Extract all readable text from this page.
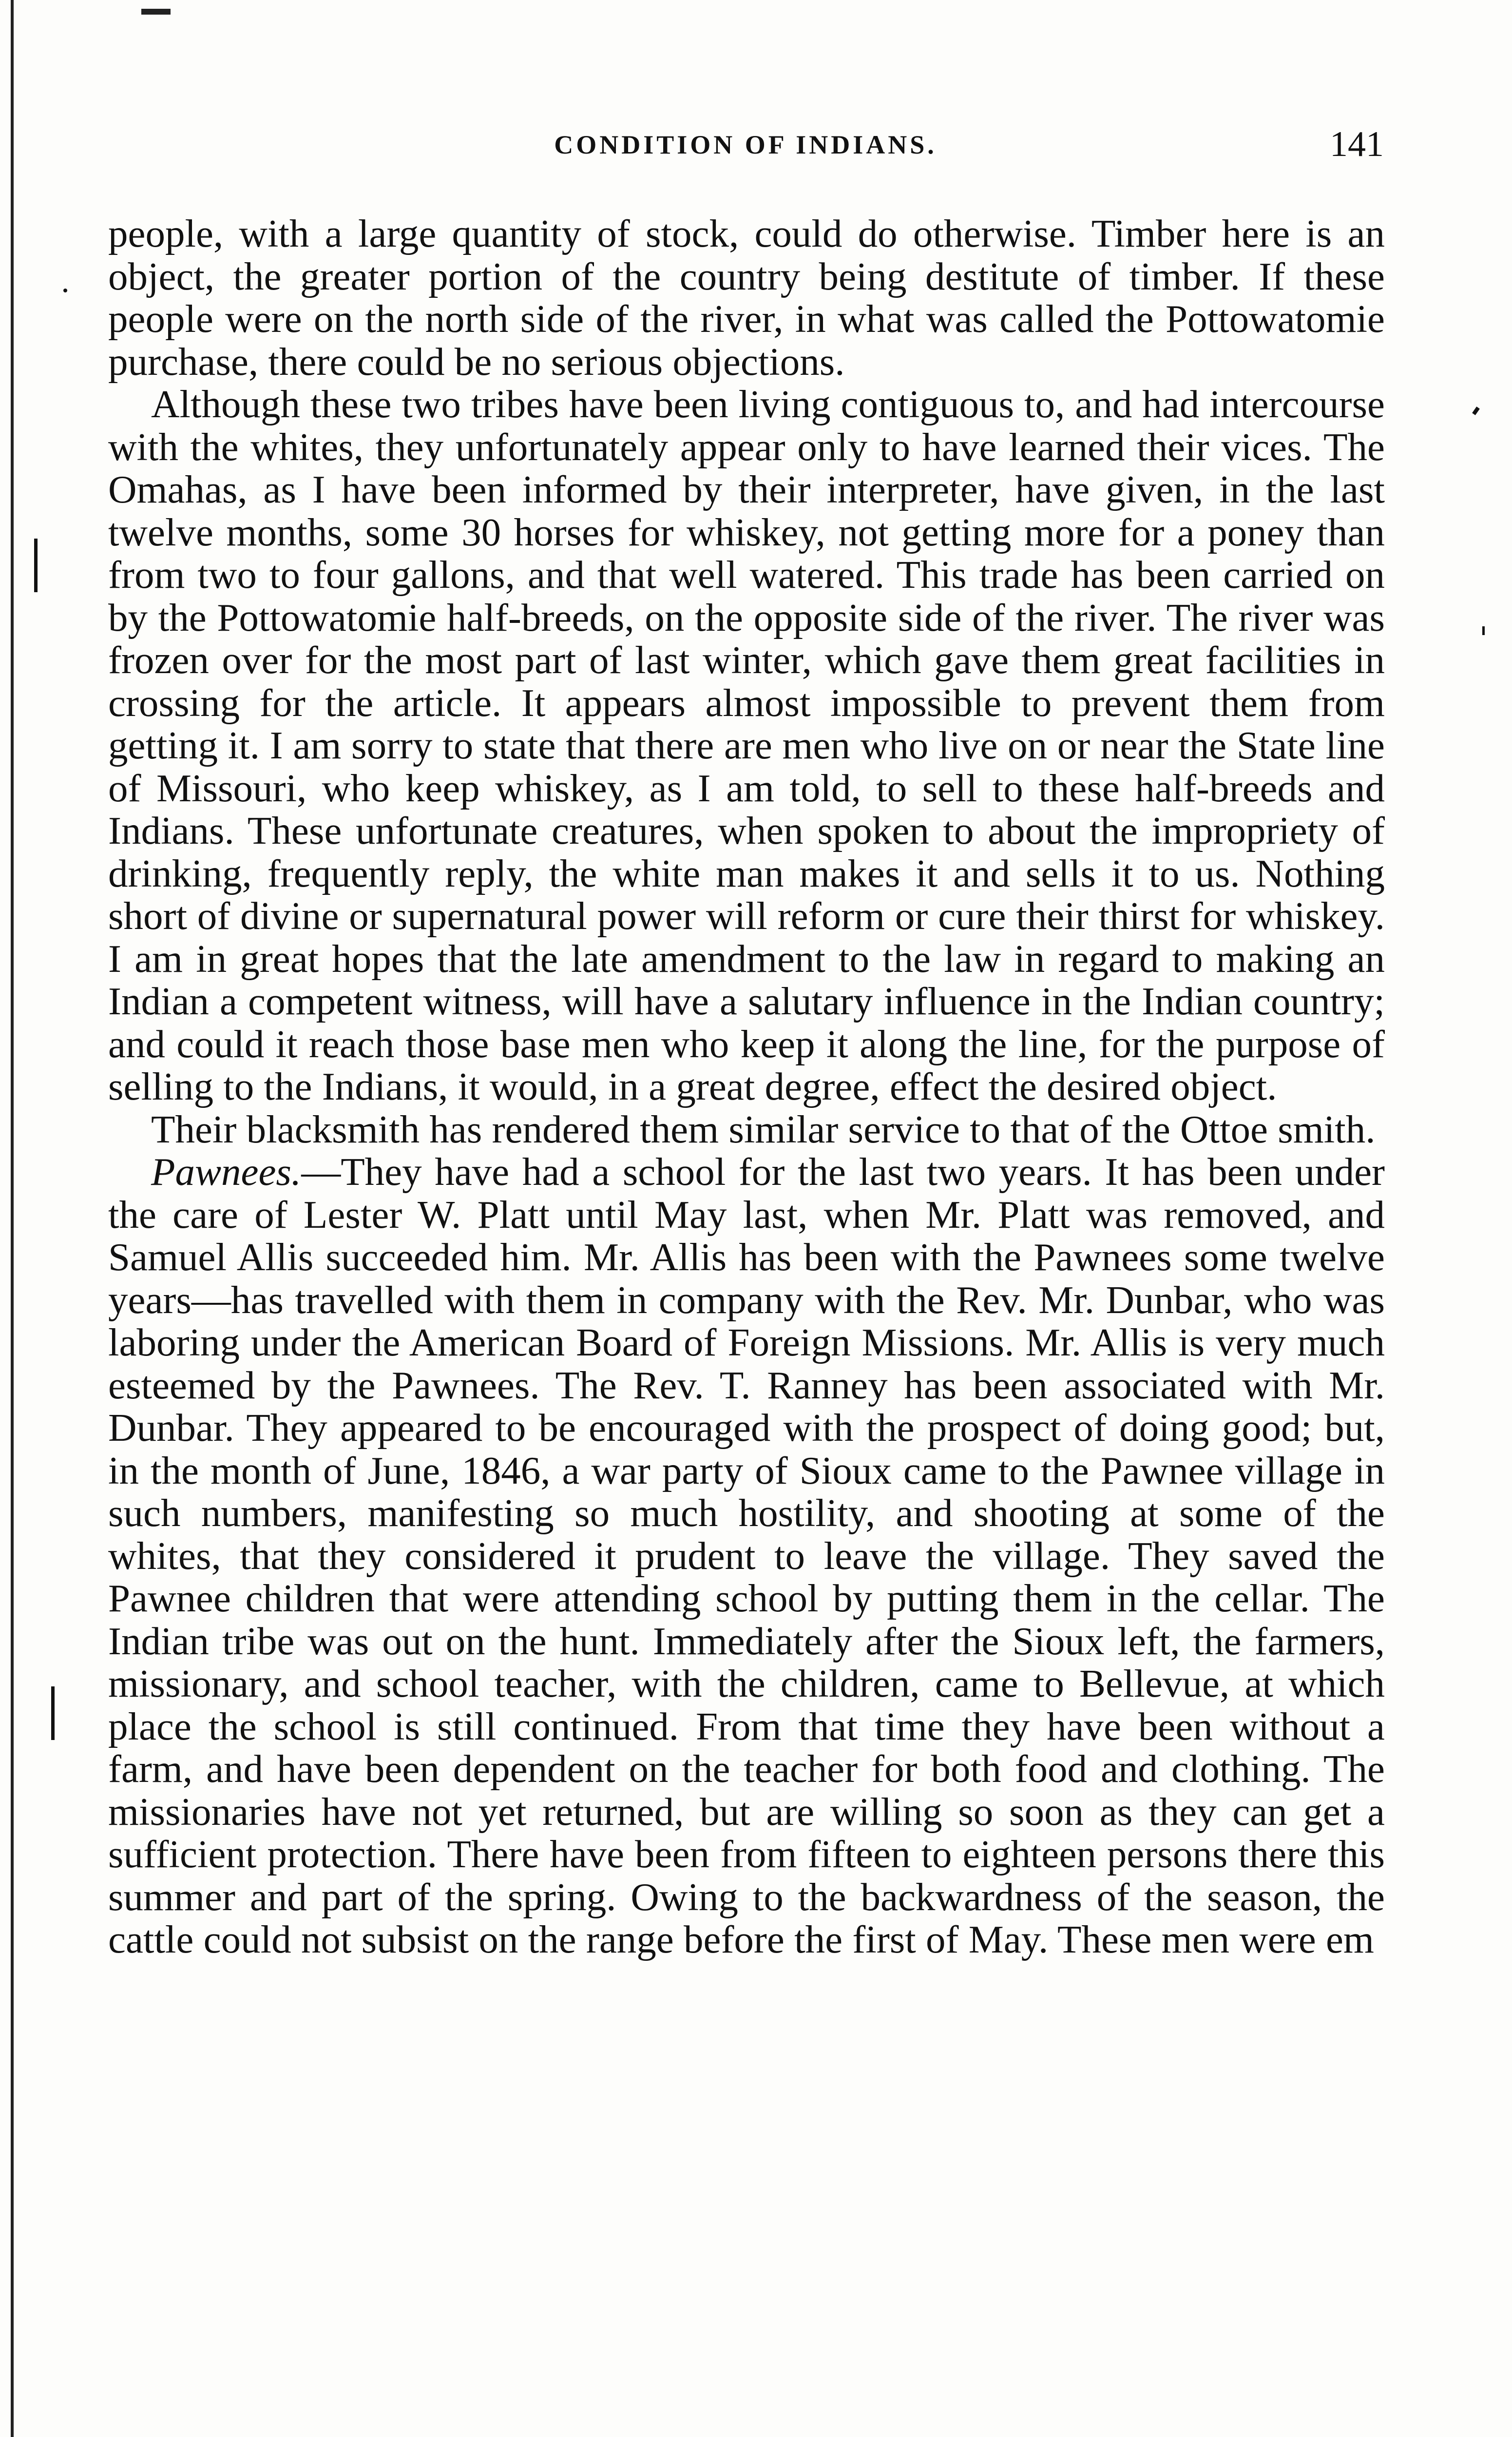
CONDITION OF INDIANS.	141

people, with a large quantity of stock, could do otherwise. Timber here is an object, the greater portion of the country being destitute of timber. If these people were on the north side of the river, in what was called the Pottowatomie purchase, there could be no serious objections.

Although these two tribes have been living contiguous to, and had intercourse with the whites, they unfortunately appear only to have learned their vices. The Omahas, as I have been informed by their interpreter, have given, in the last twelve months, some 30 horses for whiskey, not getting more for a poney than from two to four gallons, and that well watered. This trade has been carried on by the Pottowatomie half-breeds, on the opposite side of the river. The river was frozen over for the most part of last winter, which gave them great facilities in crossing for the article. It appears almost impossible to prevent them from getting it. I am sorry to state that there are men who live on or near the State line of Missouri, who keep whiskey, as I am told, to sell to these half-breeds and Indians. These unfortunate creatures, when spoken to about the impropriety of drinking, frequently reply, the white man makes it and sells it to us. Nothing short of divine or supernatural power will reform or cure their thirst for whiskey. I am in great hopes that the late amendment to the law in regard to making an Indian a competent witness, will have a salutary influence in the Indian country; and could it reach those base men who keep it along the line, for the purpose of selling to the Indians, it would, in a great degree, effect the desired object.

Their blacksmith has rendered them similar service to that of the Ottoe smith.

Pawnees.—They have had a school for the last two years. It has been under the care of Lester W. Platt until May last, when Mr. Platt was removed, and Samuel Allis succeeded him. Mr. Allis has been with the Pawnees some twelve years—has travelled with them in company with the Rev. Mr. Dunbar, who was laboring under the American Board of Foreign Missions. Mr. Allis is very much esteemed by the Pawnees. The Rev. T. Ranney has been associated with Mr. Dunbar. They appeared to be encouraged with the prospect of doing good; but, in the month of June, 1846, a war party of Sioux came to the Pawnee village in such numbers, manifesting so much hostility, and shooting at some of the whites, that they considered it prudent to leave the village. They saved the Pawnee children that were attending school by putting them in the cellar. The Indian tribe was out on the hunt. Immediately after the Sioux left, the farmers, missionary, and school teacher, with the children, came to Bellevue, at which place the school is still continued. From that time they have been without a farm, and have been dependent on the teacher for both food and clothing. The missionaries have not yet returned, but are willing so soon as they can get a sufficient protection. There have been from fifteen to eighteen persons there this summer and part of the spring. Owing to the backwardness of the season, the cattle could not subsist on the range before the first of May. These men were em
